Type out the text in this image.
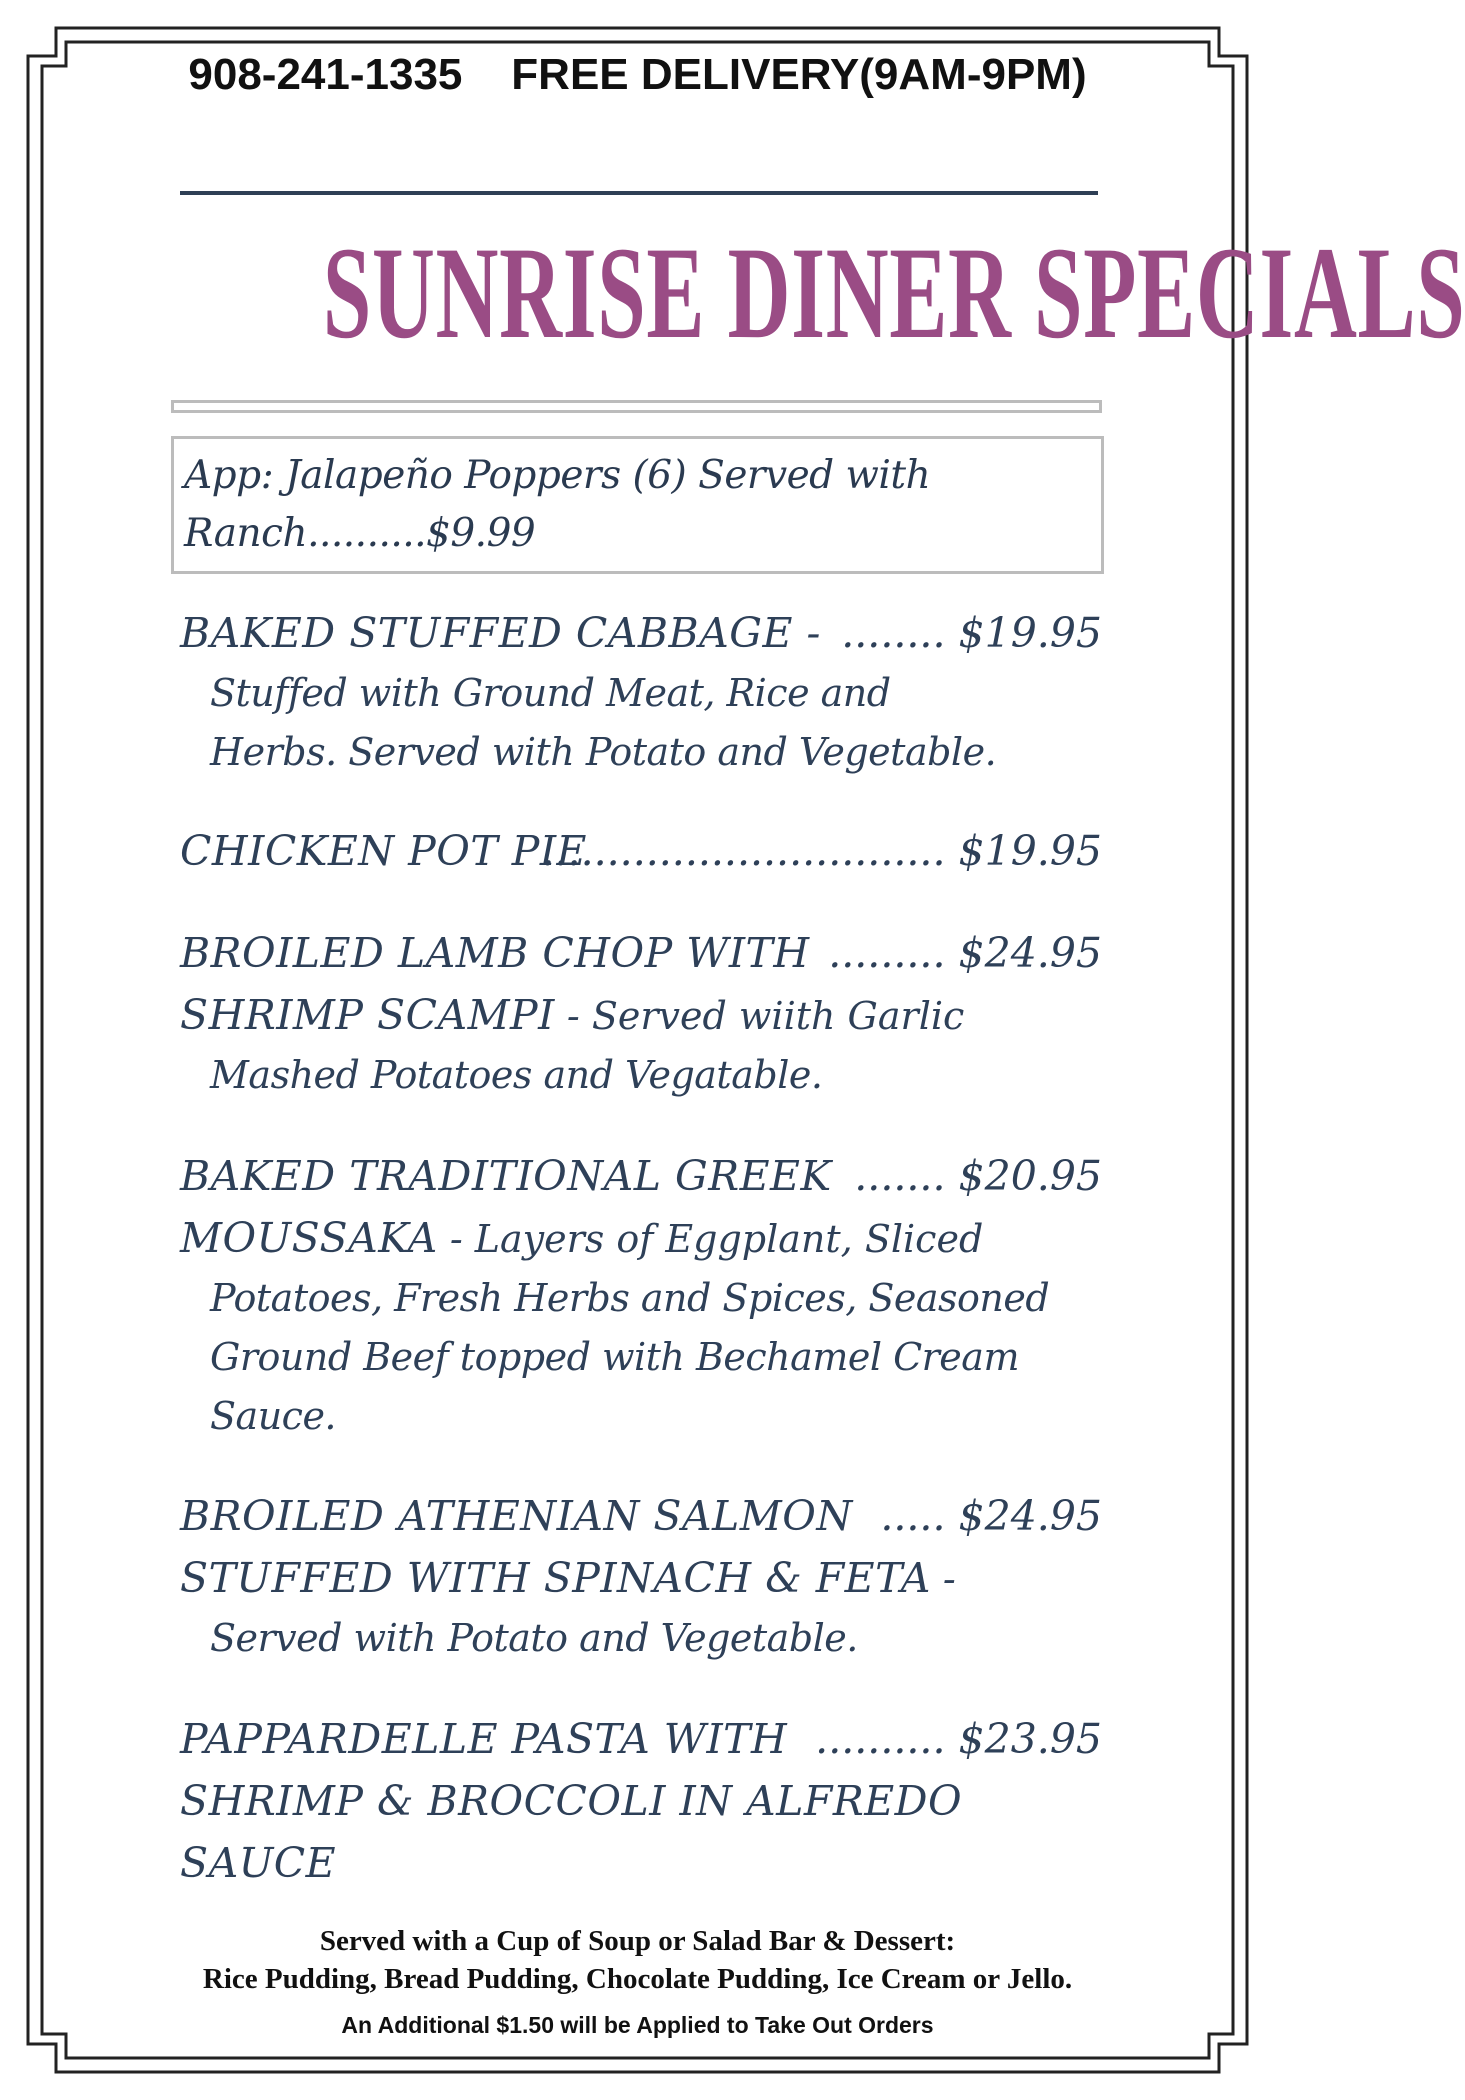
908-241-1335 FREE DELIVERY(9AM-9PM)
SUNRISE DINER SPECIALS
App: Jalapeño Poppers (6) Served with
Ranch..........$9.99
BAKED STUFFED CABBAGE - ........ $19.95
Stuffed with Ground Meat, Rice and
Herbs. Served with Potato and Vegetable.
CHICKEN POT PIE
............................... $19.95
BROILED LAMB CHOP WITH ......... $24.95
SHRIMP SCAMPI - Served wiith Garlic
Mashed Potatoes and Vegatable.
BAKED TRADITIONAL GREEK ....... $20.95
MOUSSAKA - Layers of Eggplant, Sliced
Potatoes, Fresh Herbs and Spices, Seasoned
Ground Beef topped with Bechamel Cream
Sauce.
BROILED ATHENIAN SALMON ..... $24.95
STUFFED WITH SPINACH & FETA -
Served with Potato and Vegetable.
PAPPARDELLE PASTA WITH .......... $23.95
SHRIMP & BROCCOLI IN ALFREDO
SAUCE
Served with a Cup of Soup or Salad Bar & Dessert:
Rice Pudding, Bread Pudding, Chocolate Pudding, Ice Cream or Jello.
An Additional $1.50 will be Applied to Take Out Orders
